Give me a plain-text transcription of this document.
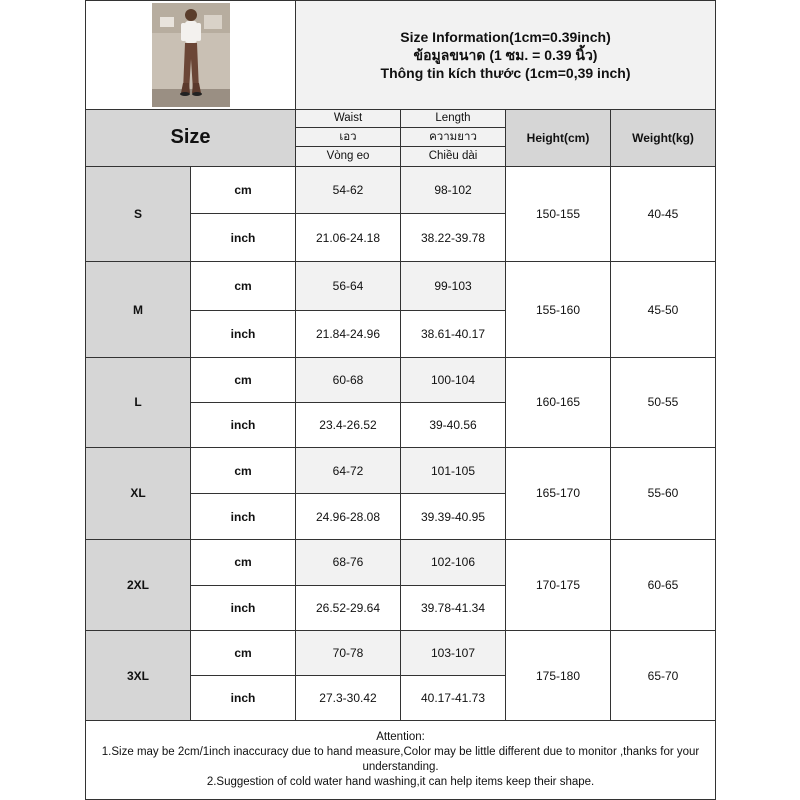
Size Information(1cm=0.39inch)
ข้อมูลขนาด (1 ซม. = 0.39 นิ้ว)
Thông tin kích thước (1cm=0,39 inch)			

Size		Waist	Length	Height(cm)	Weight(kg)
		เอว	ความยาว		
		Vòng eo	Chiều dài		
S	cm	54-62	98-102	150-155	40-45
	inch	21.06-24.18	38.22-39.78		
M	cm	56-64	99-103	155-160	45-50
	inch	21.84-24.96	38.61-40.17		
L	cm	60-68	100-104	160-165	50-55
	inch	23.4-26.52	39-40.56		
XL	cm	64-72	101-105	165-170	55-60
	inch	24.96-28.08	39.39-40.95		
2XL	cm	68-76	102-106	170-175	60-65
	inch	26.52-29.64	39.78-41.34		
3XL	cm	70-78	103-107	175-180	65-70
	inch	27.3-30.42	40.17-41.73		

Attention:
1.Size may be 2cm/1inch inaccuracy due to hand measure,Color may be little different due to monitor ,thanks for your understanding.
2.Suggestion of cold water hand washing,it can help items keep their shape.					
